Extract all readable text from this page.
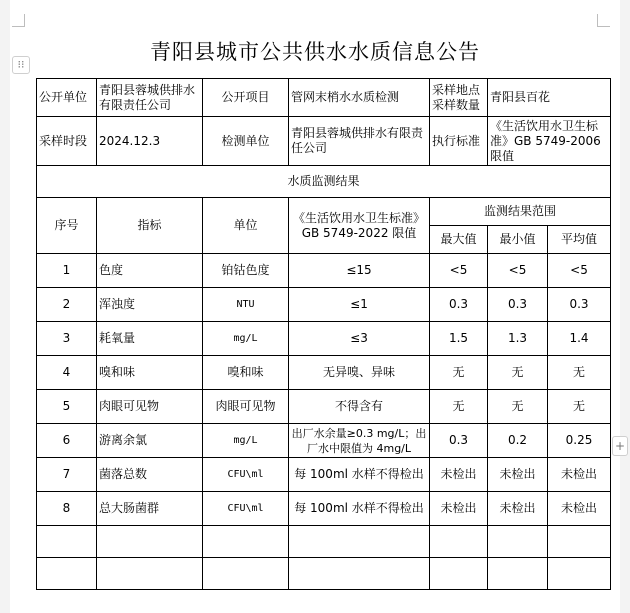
⁝⁝
+
青阳县城市公共供水水质信息公告
公开单位	青阳县蓉城供排水有限责任公司	公开项目	管网末梢水水质检测	采样地点采样数量	青阳县百花	
采样时段	2024.12.3	检测单位	青阳县蓉城供排水有限责任公司	执行标准	《生活饮用水卫生标准》GB 5749-2006 限值	
水质监测结果						
序号	指标	单位	《生活饮用水卫生标准》GB 5749-2022 限值	监测结果范围		
				最大值	最小值	平均值
1	色度	铂钴色度	≤15	<5	<5	<5
2	浑浊度	NTU	≤1	0.3	0.3	0.3
3	耗氧量	mg/L	≤3	1.5	1.3	1.4
4	嗅和味	嗅和味	无异嗅、异味	无	无	无
5	肉眼可见物	肉眼可见物	不得含有	无	无	无
6	游离余氯	mg/L	出厂水余量≥0.3 mg/L；出厂水中限值为 4mg/L	0.3	0.2	0.25
7	菌落总数	CFU\ml	每 100ml 水样不得检出	未检出	未检出	未检出
8	总大肠菌群	CFU\ml	每 100ml 水样不得检出	未检出	未检出	未检出
